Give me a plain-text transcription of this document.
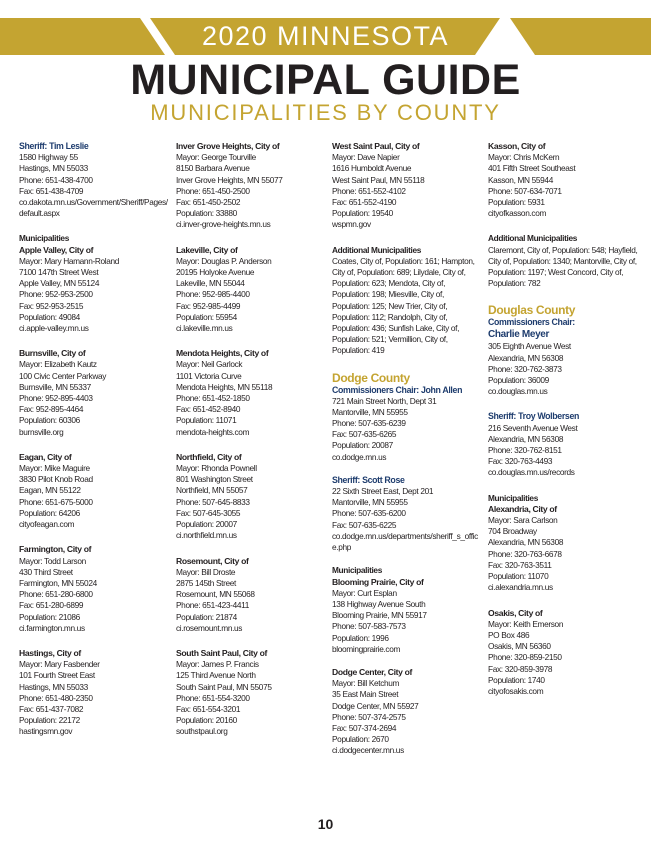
2020 MINNESOTA
MUNICIPAL GUIDE
MUNICIPALITIES BY COUNTY
Sheriff: Tim Leslie
1580 Highway 55
Hastings, MN 55033
Phone: 651-438-4700
Fax: 651-438-4709
co.dakota.mn.us/Government/Sheriff/Pages/default.aspx
Municipalities
Apple Valley, City of
Mayor: Mary Hamann-Roland
7100 147th Street West
Apple Valley, MN 55124
Phone: 952-953-2500
Fax: 952-953-2515
Population: 49084
ci.apple-valley.mn.us
Burnsville, City of
Mayor: Elizabeth Kautz
100 Civic Center Parkway
Burnsville, MN 55337
Phone: 952-895-4403
Fax: 952-895-4464
Population: 60306
burnsville.org
Eagan, City of
Mayor: Mike Maguire
3830 Pilot Knob Road
Eagan, MN 55122
Phone: 651-675-5000
Population: 64206
cityofeagan.com
Farmington, City of
Mayor: Todd Larson
430 Third Street
Farmington, MN 55024
Phone: 651-280-6800
Fax: 651-280-6899
Population: 21086
ci.farmington.mn.us
Hastings, City of
Mayor: Mary Fasbender
101 Fourth Street East
Hastings, MN 55033
Phone: 651-480-2350
Fax: 651-437-7082
Population: 22172
hastingsmn.gov
Inver Grove Heights, City of
Mayor: George Tourville
8150 Barbara Avenue
Inver Grove Heights, MN 55077
Phone: 651-450-2500
Fax: 651-450-2502
Population: 33880
ci.inver-grove-heights.mn.us
Lakeville, City of
Mayor: Douglas P. Anderson
20195 Holyoke Avenue
Lakeville, MN 55044
Phone: 952-985-4400
Fax: 952-985-4499
Population: 55954
ci.lakeville.mn.us
Mendota Heights, City of
Mayor: Neil Garlock
1101 Victoria Curve
Mendota Heights, MN 55118
Phone: 651-452-1850
Fax: 651-452-8940
Population: 11071
mendota-heights.com
Northfield, City of
Mayor: Rhonda Pownell
801 Washington Street
Northfield, MN 55057
Phone: 507-645-8833
Fax: 507-645-3055
Population: 20007
ci.northfield.mn.us
Rosemount, City of
Mayor: Bill Droste
2875 145th Street
Rosemount, MN 55068
Phone: 651-423-4411
Population: 21874
ci.rosemount.mn.us
South Saint Paul, City of
Mayor: James P. Francis
125 Third Avenue North
South Saint Paul, MN 55075
Phone: 651-554-3200
Fax: 651-554-3201
Population: 20160
southstpaul.org
West Saint Paul, City of
Mayor: Dave Napier
1616 Humboldt Avenue
West Saint Paul, MN 55118
Phone: 651-552-4102
Fax: 651-552-4190
Population: 19540
wspmn.gov
Additional Municipalities
Coates, City of, Population: 161; Hampton, City of, Population: 689; Lilydale, City of, Population: 623; Mendota, City of, Population: 198; Miesville, City of, Population: 125; New Trier, City of, Population: 112; Randolph, City of, Population: 436; Sunfish Lake, City of, Population: 521; Vermillion, City of, Population: 419
Dodge County
Commissioners Chair: John Allen
721 Main Street North, Dept 31
Mantorville, MN 55955
Phone: 507-635-6239
Fax: 507-635-6265
Population: 20087
co.dodge.mn.us
Sheriff: Scott Rose
22 Sixth Street East, Dept 201
Mantorville, MN 55955
Phone: 507-635-6200
Fax: 507-635-6225
co.dodge.mn.us/departments/sheriff_s_office.php
Municipalities
Blooming Prairie, City of
Mayor: Curt Esplan
138 Highway Avenue South
Blooming Prairie, MN 55917
Phone: 507-583-7573
Population: 1996
bloomingprairie.com
Dodge Center, City of
Mayor: Bill Ketchum
35 East Main Street
Dodge Center, MN 55927
Phone: 507-374-2575
Fax: 507-374-2694
Population: 2670
ci.dodgecenter.mn.us
Kasson, City of
Mayor: Chris McKern
401 Fifth Street Southeast
Kasson, MN 55944
Phone: 507-634-7071
Population: 5931
cityofkasson.com
Additional Municipalities
Claremont, City of, Population: 548; Hayfield, City of, Population: 1340; Mantorville, City of, Population: 1197; West Concord, City of, Population: 782
Douglas County
Commissioners Chair:
Charlie Meyer
305 Eighth Avenue West
Alexandria, MN 56308
Phone: 320-762-3873
Population: 36009
co.douglas.mn.us
Sheriff: Troy Wolbersen
216 Seventh Avenue West
Alexandria, MN 56308
Phone: 320-762-8151
Fax: 320-763-4493
co.douglas.mn.us/records
Municipalities
Alexandria, City of
Mayor: Sara Carlson
704 Broadway
Alexandria, MN 56308
Phone: 320-763-6678
Fax: 320-763-3511
Population: 11070
ci.alexandria.mn.us
Osakis, City of
Mayor: Keith Emerson
PO Box 486
Osakis, MN 56360
Phone: 320-859-2150
Fax: 320-859-3978
Population: 1740
cityofosakis.com
10
